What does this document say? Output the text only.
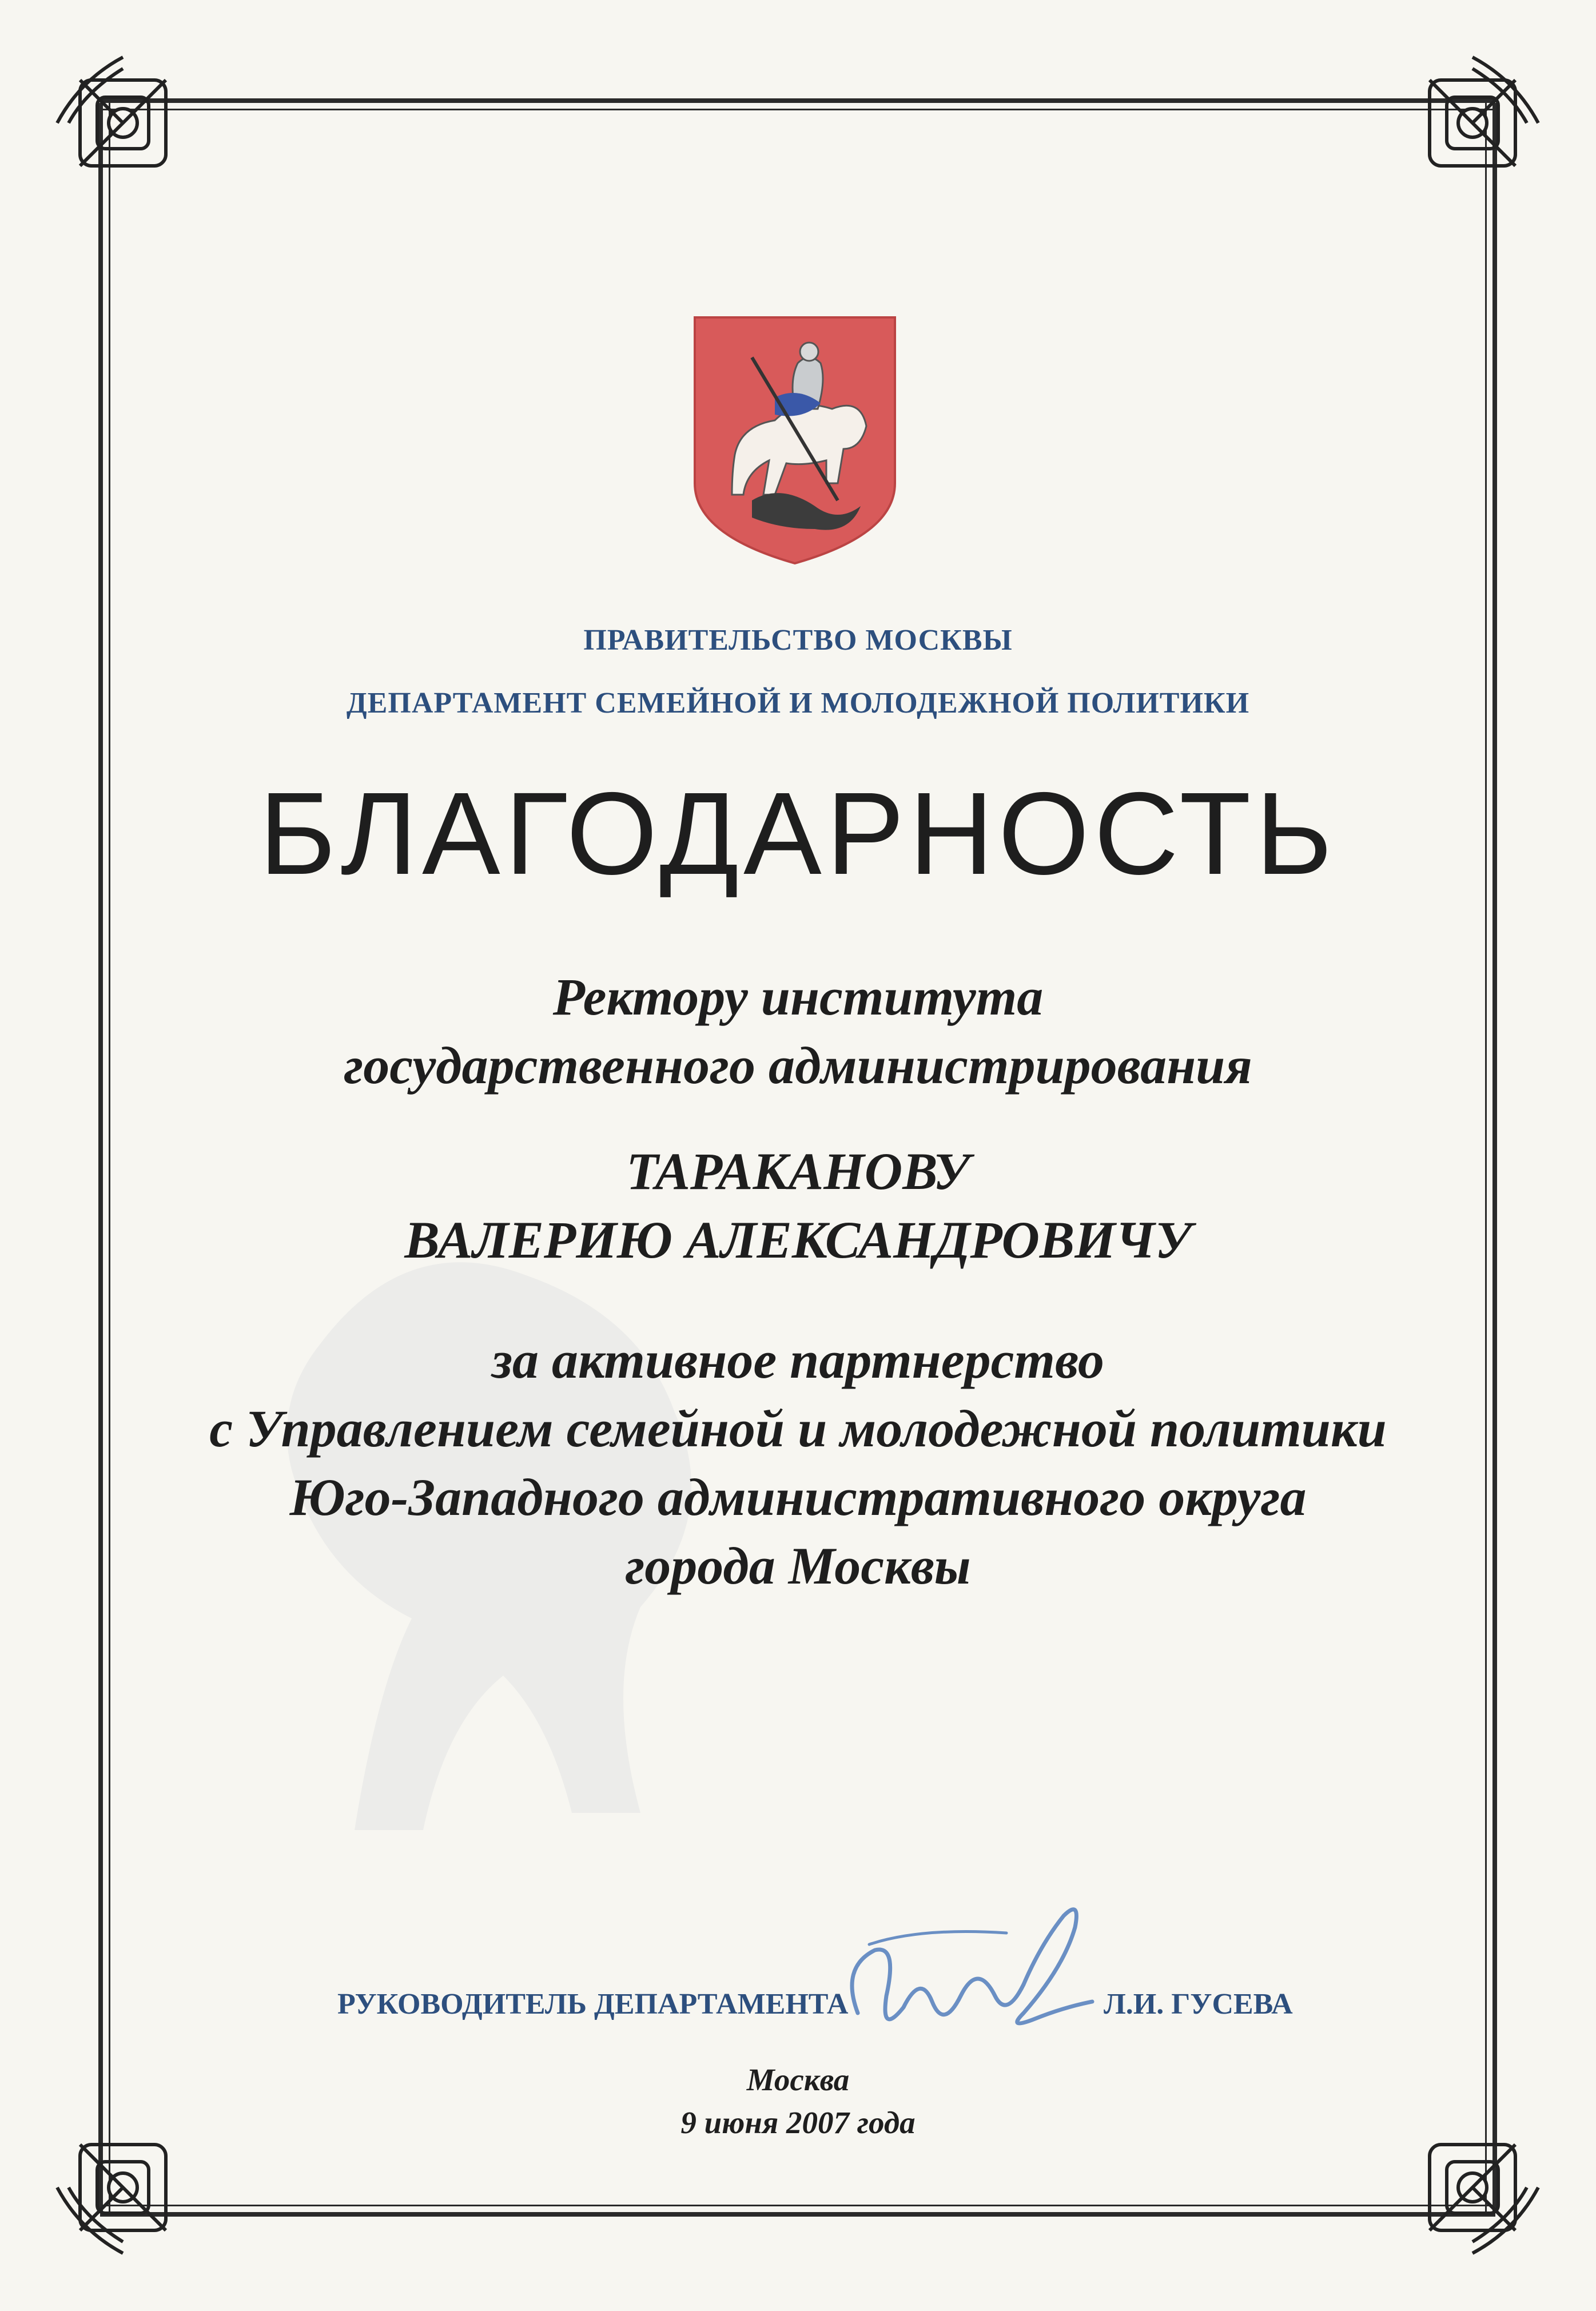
ПРАВИТЕЛЬСТВО МОСКВЫ
ДЕПАРТАМЕНТ СЕМЕЙНОЙ И МОЛОДЕЖНОЙ ПОЛИТИКИ
БЛАГОДАРНОСТЬ
Ректору института
государственного администрирования
ТАРАКАНОВУ
ВАЛЕРИЮ АЛЕКСАНДРОВИЧУ
за активное партнерство
с Управлением семейной и молодежной политики
Юго-Западного административного округа
города Москвы
РУКОВОДИТЕЛЬ ДЕПАРТАМЕНТА	Л.И. ГУСЕВА
Москва
9 июня 2007 года
